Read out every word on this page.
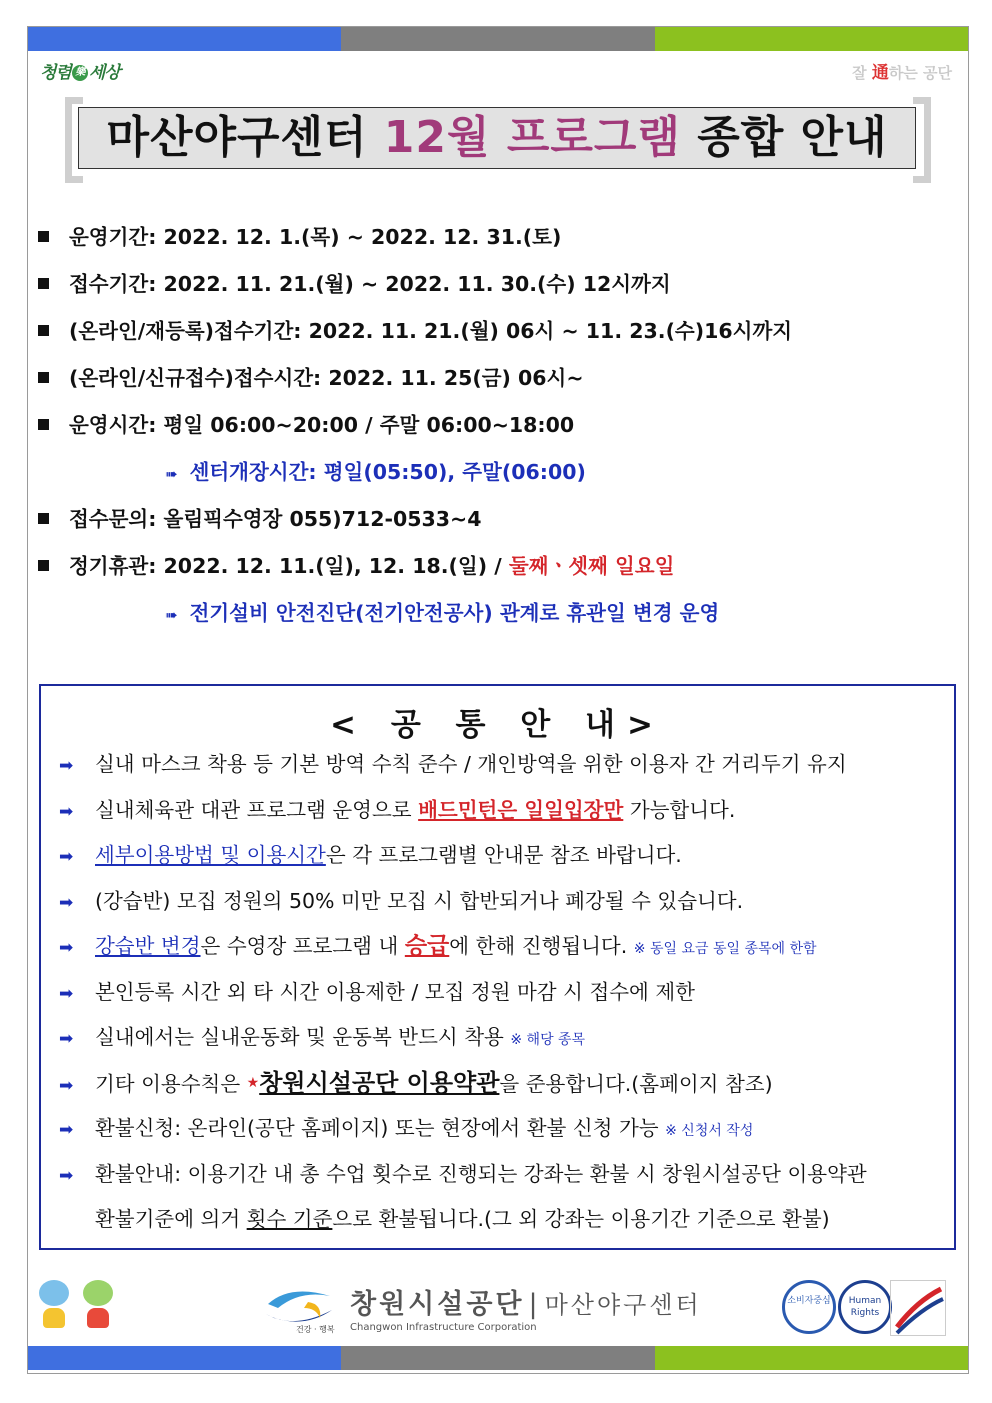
청렴 樂 세상	잘 通하는 공단
마산야구센터 12월 프로그램 종합 안내
운영기간: 2022. 12. 1.(목) ~ 2022. 12. 31.(토)
접수기간: 2022. 11. 21.(월) ~ 2022. 11. 30.(수) 12시까지
(온라인/재등록)접수기간: 2022. 11. 21.(월) 06시 ~ 11. 23.(수)16시까지
(온라인/신규접수)접수시간: 2022. 11. 25(금) 06시~
운영시간: 평일 06:00~20:00 / 주말 06:00~18:00
➠ 센터개장시간: 평일(05:50), 주말(06:00)
접수문의: 올림픽수영장 055)712-0533~4
정기휴관: 2022. 12. 11.(일), 12. 18.(일) / 둘째ㆍ셋째 일요일
➠ 전기설비 안전진단(전기안전공사) 관계로 휴관일 변경 운영
< 공 통 안 내>
➡ 실내 마스크 착용 등 기본 방역 수칙 준수 / 개인방역을 위한 이용자 간 거리두기 유지
➡ 실내체육관 대관 프로그램 운영으로 배드민턴은 일일입장만 가능합니다.
➡ 세부이용방법 및 이용시간은 각 프로그램별 안내문 참조 바랍니다.
➡ (강습반) 모집 정원의 50% 미만 모집 시 합반되거나 폐강될 수 있습니다.
➡ 강습반 변경은 수영장 프로그램 내 승급에 한해 진행됩니다. ※ 동일 요금 동일 종목에 한함
➡ 본인등록 시간 외 타 시간 이용제한 / 모집 정원 마감 시 접수에 제한
➡ 실내에서는 실내운동화 및 운동복 반드시 착용 ※ 해당 종목
➡ 기타 이용수칙은 ★창원시설공단 이용약관을 준용합니다.(홈페이지 참조)
➡ 환불신청: 온라인(공단 홈페이지) 또는 현장에서 환불 신청 가능 ※ 신청서 작성
➡ 환불안내: 이용기간 내 총 수업 횟수로 진행되는 강좌는 환불 시 창원시설공단 이용약관
환불기준에 의거 횟수 기준으로 환불됩니다.(그 외 강좌는 이용기간 기준으로 환불)
건강 · 행복
창원시설공단 | 마산야구센터
Changwon Infrastructure Corporation
소비자중심	Human Rights
